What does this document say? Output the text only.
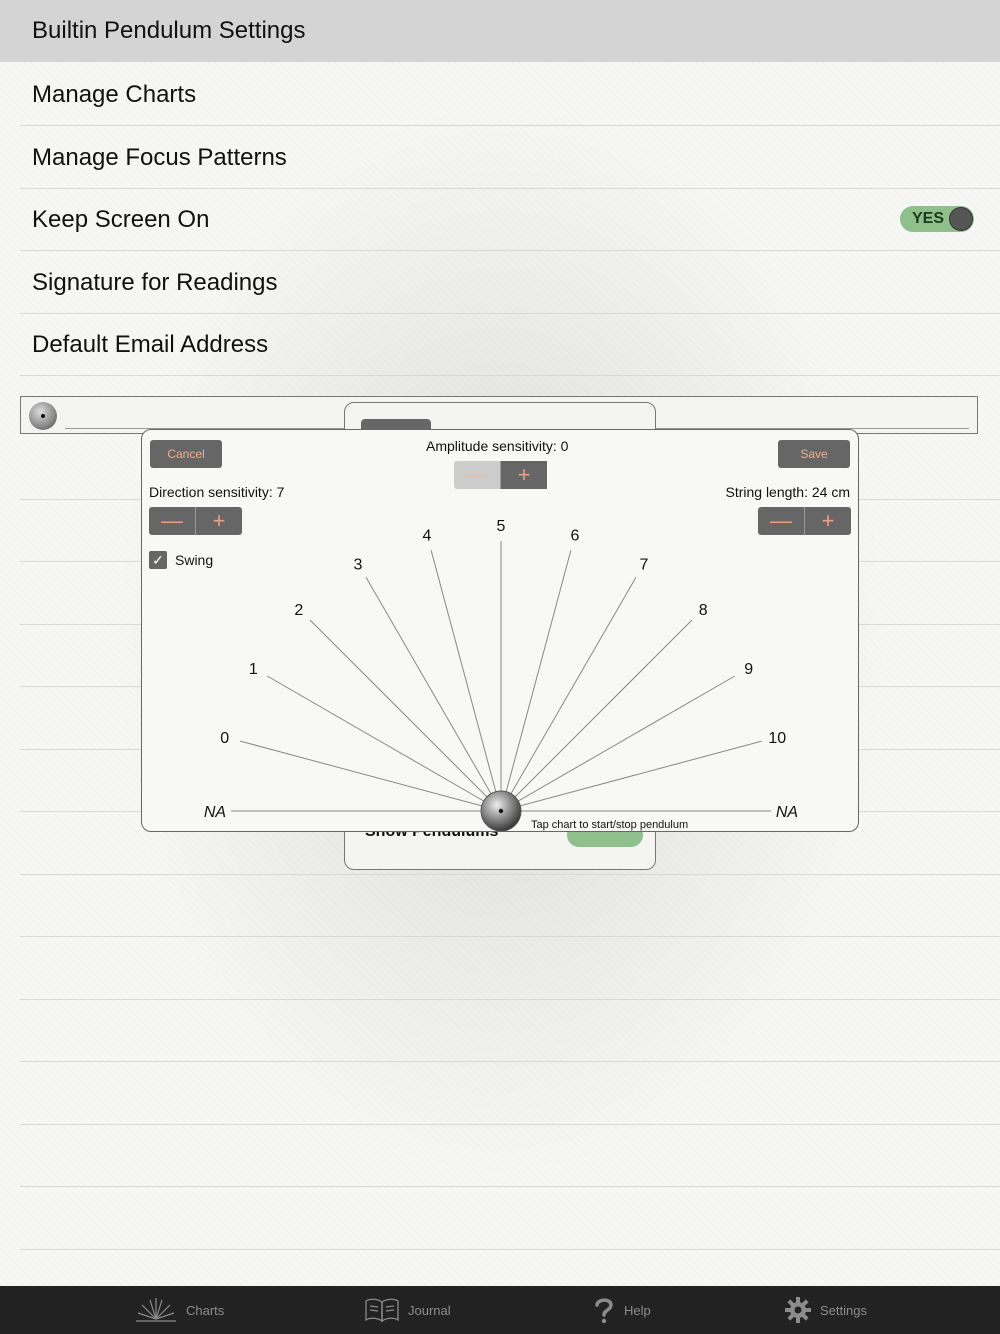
Builtin Pendulum Settings
Manage Charts
Manage Focus Patterns
Keep Screen On	YES
Signature for Readings
Default Email Address
NA
0
1
2
3
4
5
6
7
8
9
10
NA
Cancel	Save
Amplitude sensitivity: 0
—	+
Direction sensitivity: 7
—	+
String length: 24 cm
—	+
✓ Swing
Tap chart to start/stop pendulum
Charts	Journal	Help	Settings
